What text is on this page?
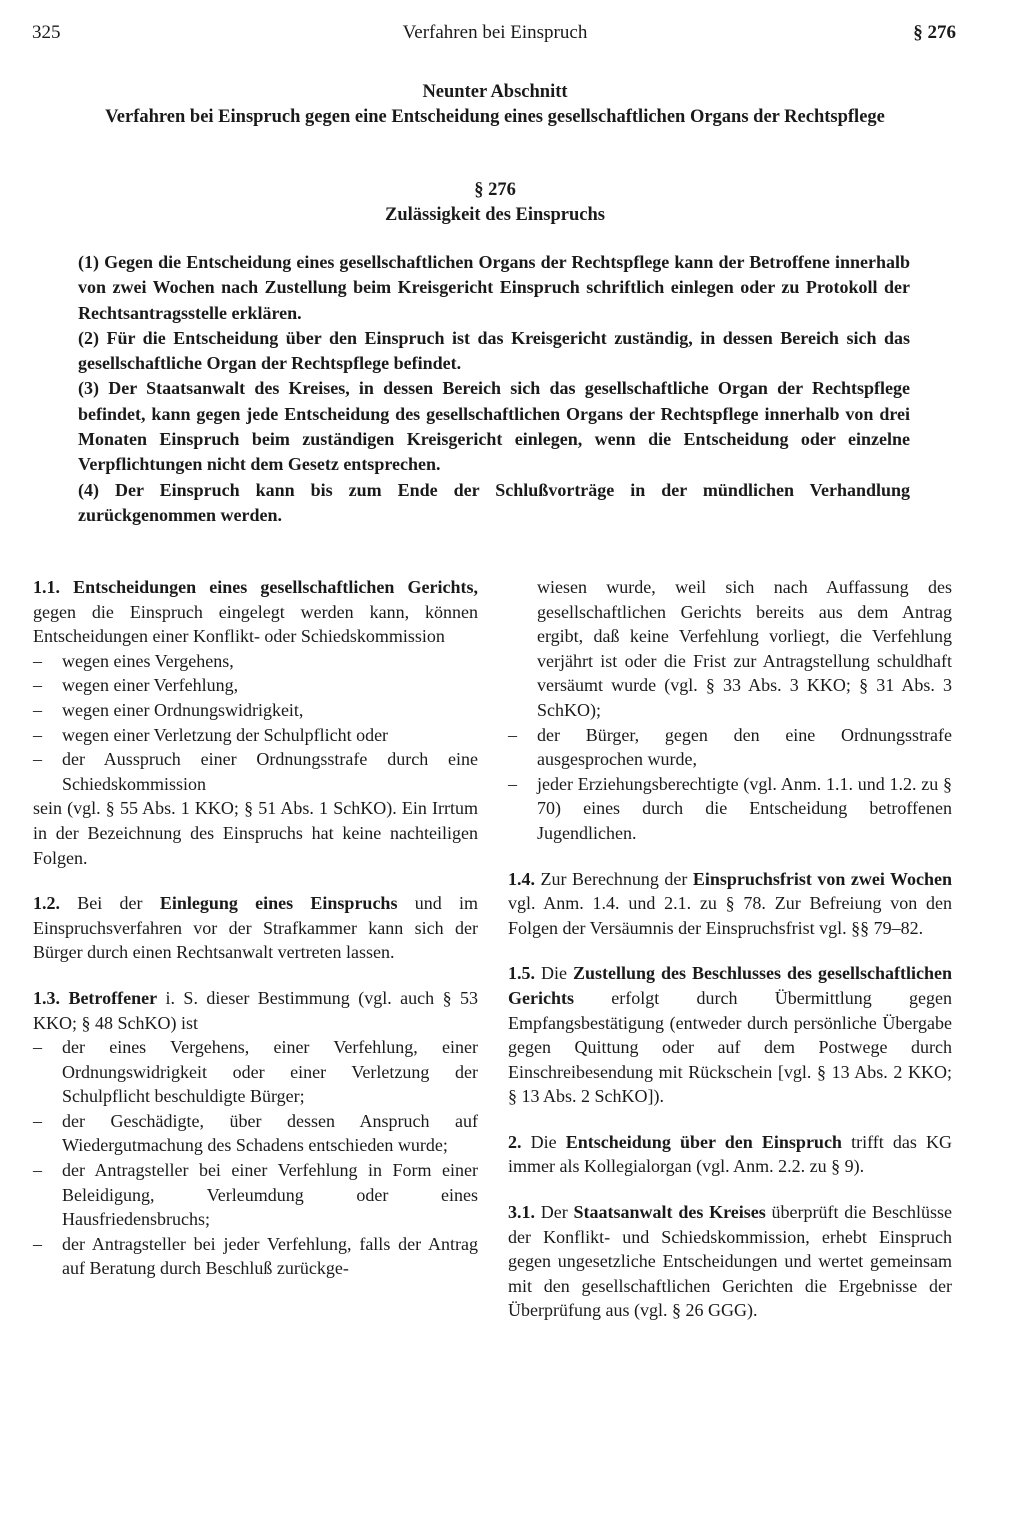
325	Verfahren bei Einspruch	§ 276
Neunter Abschnitt
Verfahren bei Einspruch gegen eine Entscheidung eines gesellschaftlichen Organs der Rechtspflege
§ 276
Zulässigkeit des Einspruchs

(1) Gegen die Entscheidung eines gesellschaftlichen Organs der Rechtspflege kann der Betroffene innerhalb von zwei Wochen nach Zustellung beim Kreisgericht Einspruch schriftlich einlegen oder zu Protokoll der Rechtsantragsstelle erklären.

(2) Für die Entscheidung über den Einspruch ist das Kreisgericht zuständig, in dessen Bereich sich das gesellschaftliche Organ der Rechtspflege befindet.

(3) Der Staatsanwalt des Kreises, in dessen Bereich sich das gesellschaftliche Organ der Rechtspflege befindet, kann gegen jede Entscheidung des gesellschaftlichen Organs der Rechtspflege innerhalb von drei Monaten Einspruch beim zuständigen Kreisgericht einlegen, wenn die Entscheidung oder einzelne Verpflichtungen nicht dem Gesetz entsprechen.

(4) Der Einspruch kann bis zum Ende der Schlußvorträge in der mündlichen Verhandlung zurückgenommen werden.

1.1. Entscheidungen eines gesellschaftlichen Gerichts, gegen die Einspruch eingelegt werden kann, können Entscheidungen einer Konflikt- oder Schiedskommission

– wegen eines Vergehens,
– wegen einer Verfehlung,
– wegen einer Ordnungswidrigkeit,
– wegen einer Verletzung der Schulpflicht oder
– der Ausspruch einer Ordnungsstrafe durch eine Schiedskommission

sein (vgl. § 55 Abs. 1 KKO; § 51 Abs. 1 SchKO). Ein Irrtum in der Bezeichnung des Einspruchs hat keine nachteiligen Folgen.

1.2. Bei der Einlegung eines Einspruchs und im Einspruchsverfahren vor der Strafkammer kann sich der Bürger durch einen Rechtsanwalt vertreten lassen.

1.3. Betroffener i. S. dieser Bestimmung (vgl. auch § 53 KKO; § 48 SchKO) ist

– der eines Vergehens, einer Verfehlung, einer Ordnungswidrigkeit oder einer Verletzung der Schulpflicht beschuldigte Bürger;
– der Geschädigte, über dessen Anspruch auf Wiedergutmachung des Schadens entschieden wurde;
– der Antragsteller bei einer Verfehlung in Form einer Beleidigung, Verleumdung oder eines Hausfriedensbruchs;
– der Antragsteller bei jeder Verfehlung, falls der Antrag auf Beratung durch Beschluß zurückge-

wiesen wurde, weil sich nach Auffassung des gesellschaftlichen Gerichts bereits aus dem Antrag ergibt, daß keine Verfehlung vorliegt, die Verfehlung verjährt ist oder die Frist zur Antragstellung schuldhaft versäumt wurde (vgl. § 33 Abs. 3 KKO; § 31 Abs. 3 SchKO);

– der Bürger, gegen den eine Ordnungsstrafe ausgesprochen wurde,
– jeder Erziehungsberechtigte (vgl. Anm. 1.1. und 1.2. zu § 70) eines durch die Entscheidung betroffenen Jugendlichen.

1.4. Zur Berechnung der Einspruchsfrist von zwei Wochen vgl. Anm. 1.4. und 2.1. zu § 78. Zur Befreiung von den Folgen der Versäumnis der Einspruchsfrist vgl. §§ 79–82.

1.5. Die Zustellung des Beschlusses des gesellschaftlichen Gerichts erfolgt durch Übermittlung gegen Empfangsbestätigung (entweder durch persönliche Übergabe gegen Quittung oder auf dem Postwege durch Einschreibesendung mit Rückschein [vgl. § 13 Abs. 2 KKO; § 13 Abs. 2 SchKO]).

2. Die Entscheidung über den Einspruch trifft das KG immer als Kollegialorgan (vgl. Anm. 2.2. zu § 9).

3.1. Der Staatsanwalt des Kreises überprüft die Beschlüsse der Konflikt- und Schiedskommission, erhebt Einspruch gegen ungesetzliche Entscheidungen und wertet gemeinsam mit den gesellschaftlichen Gerichten die Ergebnisse der Überprüfung aus (vgl. § 26 GGG).
